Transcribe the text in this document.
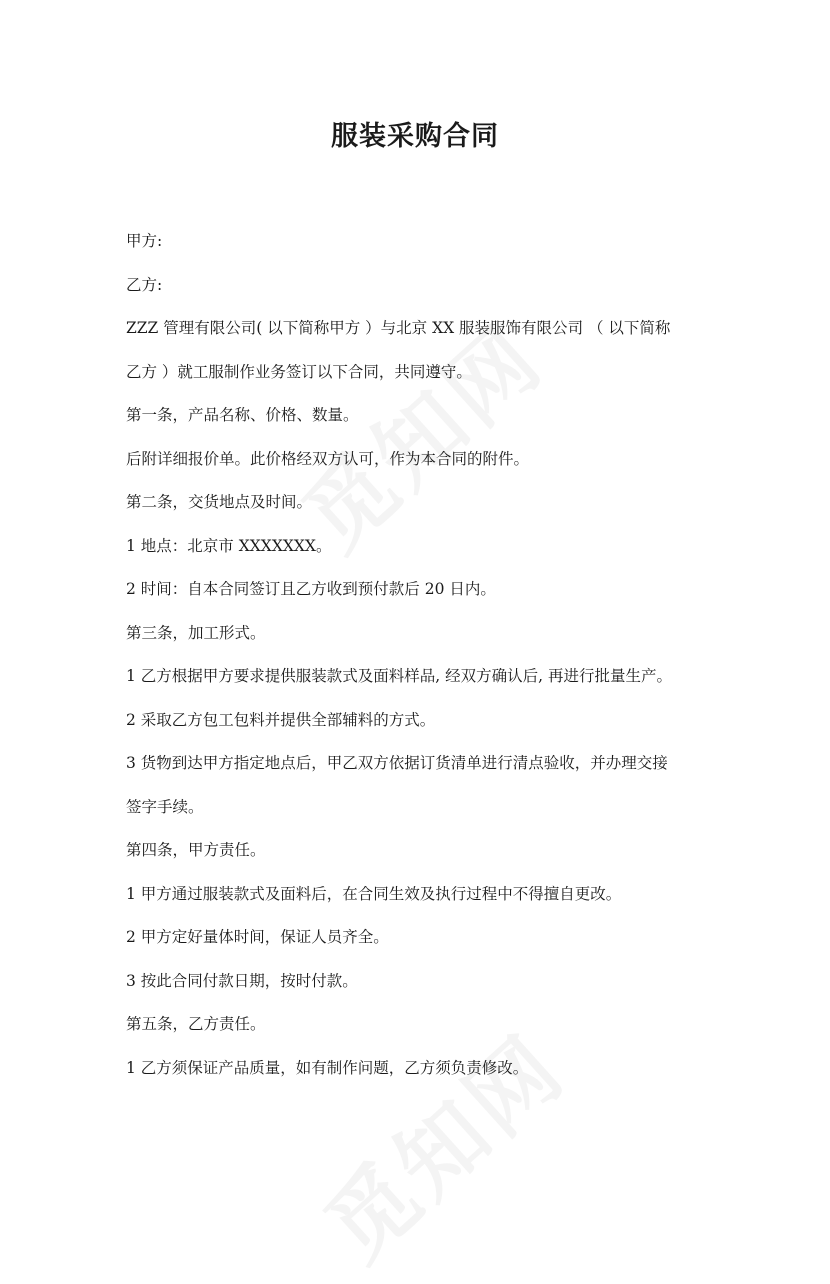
服装采购合同

甲方:

乙方:

ZZZ 管理有限公司( 以下简称甲方 ）与北京 XX 服装服饰有限公司 （ 以下简称

乙方 ）就工服制作业务签订以下合同，共同遵守。

第一条，产品名称、价格、数量。

后附详细报价单。此价格经双方认可，作为本合同的附件。

第二条，交货地点及时间。

1 地点：北京市 XXXXXXX。

2 时间：自本合同签订且乙方收到预付款后 20 日内。

第三条，加工形式。

1 乙方根据甲方要求提供服装款式及面料样品, 经双方确认后, 再进行批量生产。

2 采取乙方包工包料并提供全部辅料的方式。

3 货物到达甲方指定地点后，甲乙双方依据订货清单进行清点验收，并办理交接

签字手续。

第四条，甲方责任。

1 甲方通过服装款式及面料后，在合同生效及执行过程中不得擅自更改。

2 甲方定好量体时间，保证人员齐全。

3 按此合同付款日期，按时付款。

第五条，乙方责任。

1 乙方须保证产品质量，如有制作问题，乙方须负责修改。
